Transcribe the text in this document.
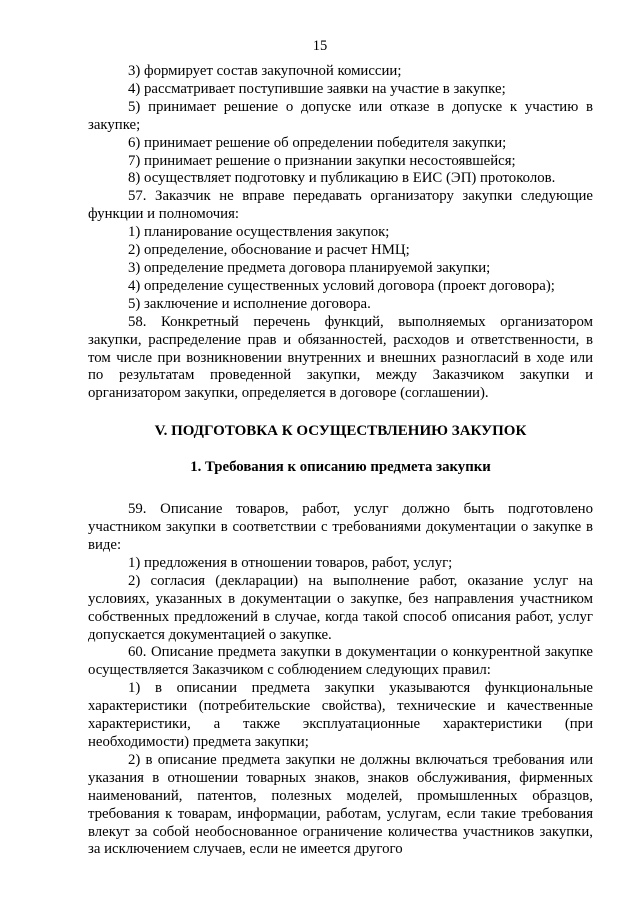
15

3) формирует состав закупочной комиссии;

4) рассматривает поступившие заявки на участие в закупке;

5) принимает решение о допуске или отказе в допуске к участию в закупке;

6) принимает решение об определении победителя закупки;

7) принимает решение о признании закупки несостоявшейся;

8) осуществляет подготовку и публикацию в ЕИС (ЭП) протоколов.

57. Заказчик не вправе передавать организатору закупки следующие функции и полномочия:

1) планирование осуществления закупок;

2) определение, обоснование и расчет НМЦ;

3) определение предмета договора планируемой закупки;

4) определение существенных условий договора (проект договора);

5) заключение и исполнение договора.

58. Конкретный перечень функций, выполняемых организатором закупки, распределение прав и обязанностей, расходов и ответственности, в том числе при возникновении внутренних и внешних разногласий в ходе или по результатам проведенной закупки, между Заказчиком закупки и организатором закупки, определяется в договоре (соглашении).

V. ПОДГОТОВКА К ОСУЩЕСТВЛЕНИЮ ЗАКУПОК

1. Требования к описанию предмета закупки

59. Описание товаров, работ, услуг должно быть подготовлено участником закупки в соответствии с требованиями документации о закупке в виде:

1) предложения в отношении товаров, работ, услуг;

2) согласия (декларации) на выполнение работ, оказание услуг на условиях, указанных в документации о закупке, без направления участником собственных предложений в случае, когда такой способ описания работ, услуг допускается документацией о закупке.

60. Описание предмета закупки в документации о конкурентной закупке осуществляется Заказчиком с соблюдением следующих правил:

1) в описании предмета закупки указываются функциональные характеристики (потребительские свойства), технические и качественные характеристики, а также эксплуатационные характеристики (при необходимости) предмета закупки;

2) в описание предмета закупки не должны включаться требования или указания в отношении товарных знаков, знаков обслуживания, фирменных наименований, патентов, полезных моделей, промышленных образцов, требования к товарам, информации, работам, услугам, если такие требования влекут за собой необоснованное ограничение количества участников закупки, за исключением случаев, если не имеется другого
